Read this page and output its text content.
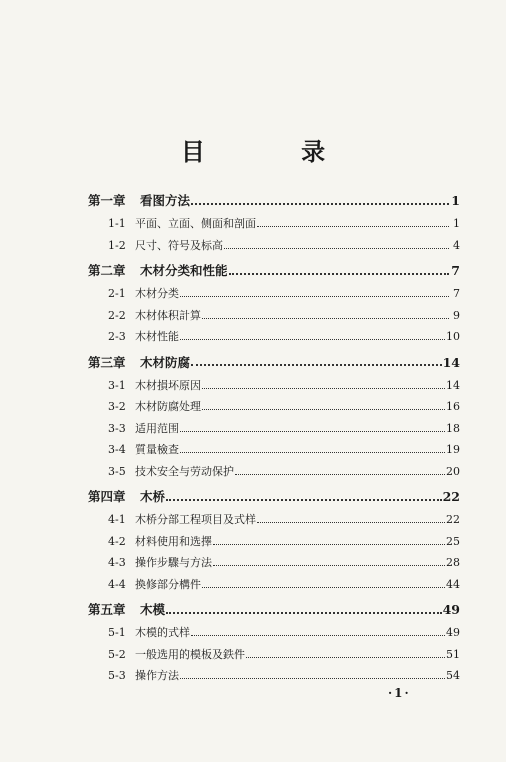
目 录
第一章	看图方法	1
1-1 平面、立面、侧面和剖面	1
1-2 尺寸、符号及标高	4
第二章	木材分类和性能	7
2-1 木材分类	7
2-2 木材体积計算	9
2-3 木材性能	10
第三章	木材防腐	14
3-1 木材損坏原因	14
3-2 木材防腐处理	16
3-3 适用范围	18
3-4 質量檢查	19
3-5 技术安全与劳动保护	20
第四章	木桥	22
4-1 木桥分部工程项目及式样	22
4-2 材料使用和选擇	25
4-3 操作步驟与方法	28
4-4 換修部分構件	44
第五章	木模	49
5-1 木模的式样	49
5-2 一般选用的模板及鉄件	51
5-3 操作方法	54
·1·
